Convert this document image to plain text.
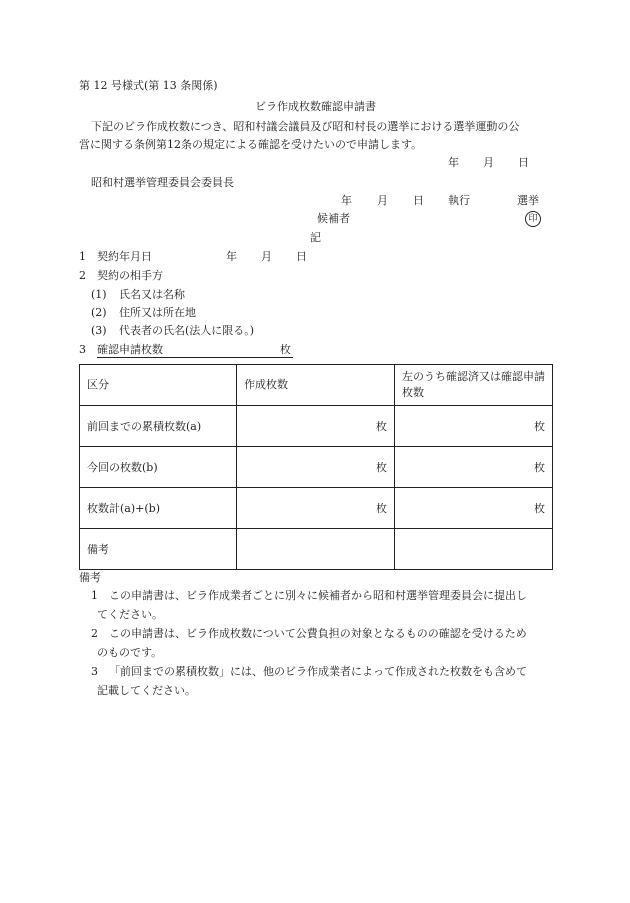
第 12 号様式(第 13 条関係)
ビラ作成枚数確認申請書
下記のビラ作成枚数につき、昭和村議会議員及び昭和村長の選挙における選挙運動の公
営に関する条例第12条の規定による確認を受けたいので申請します。
年 月 日
昭和村選挙管理委員会委員長
年 月 日 執行	選挙
候補者	印
記
1 契約年月日	年 月 日
2 契約の相手方
(1) 氏名又は名称
(2) 住所又は所在地
(3) 代表者の氏名(法人に限る。)
3 確認申請枚数	枚
区分	作成枚数	左のうち確認済又は確認申請枚数
前回までの累積枚数(a)	枚	枚
今回の枚数(b)	枚	枚
枚数計(a)+(b)	枚	枚
備考		
備考
1 この申請書は、ビラ作成業者ごとに別々に候補者から昭和村選挙管理委員会に提出し
てください。
2 この申請書は、ビラ作成枚数について公費負担の対象となるものの確認を受けるため
のものです。
3 「前回までの累積枚数」には、他のビラ作成業者によって作成された枚数をも含めて
記載してください。
